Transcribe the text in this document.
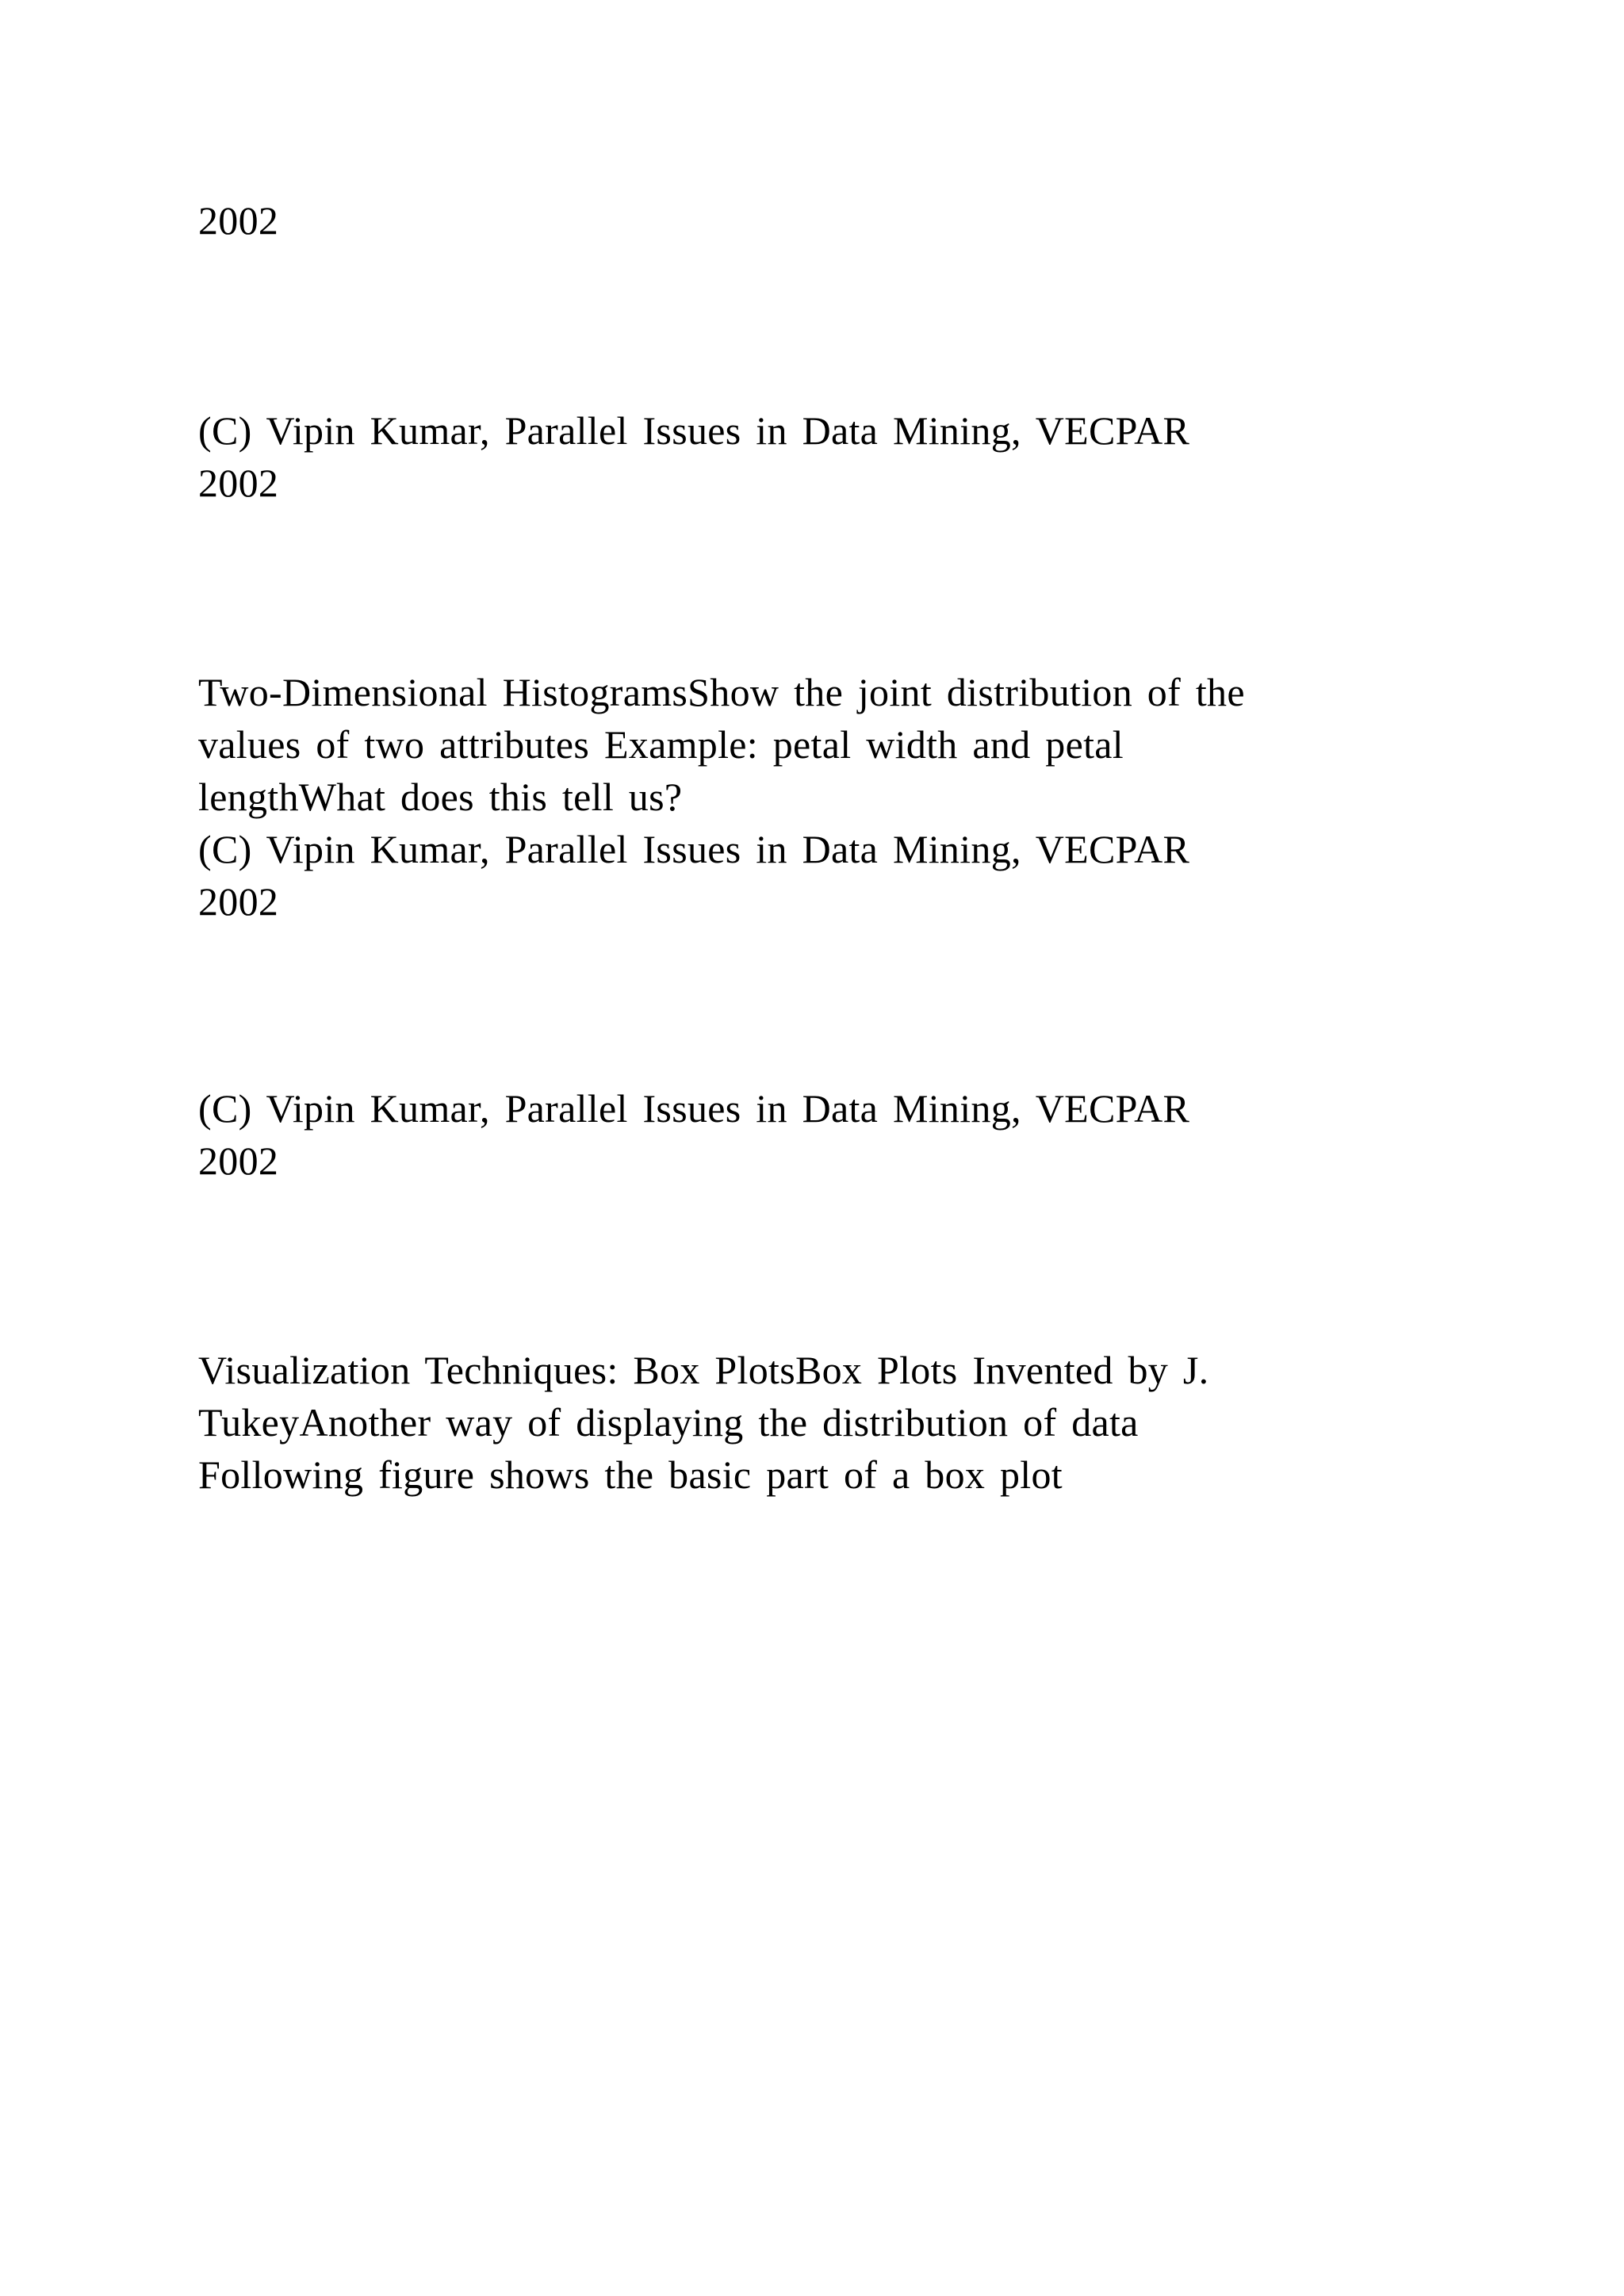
2002
(C) Vipin Kumar, Parallel Issues in Data Mining, VECPAR
2002
Two-Dimensional HistogramsShow the joint distribution of the
values of two attributes Example: petal width and petal
lengthWhat does this tell us?
(C) Vipin Kumar, Parallel Issues in Data Mining, VECPAR
2002
(C) Vipin Kumar, Parallel Issues in Data Mining, VECPAR
2002
Visualization Techniques: Box PlotsBox Plots Invented by J.
TukeyAnother way of displaying the distribution of data
Following figure shows the basic part of a box plot
